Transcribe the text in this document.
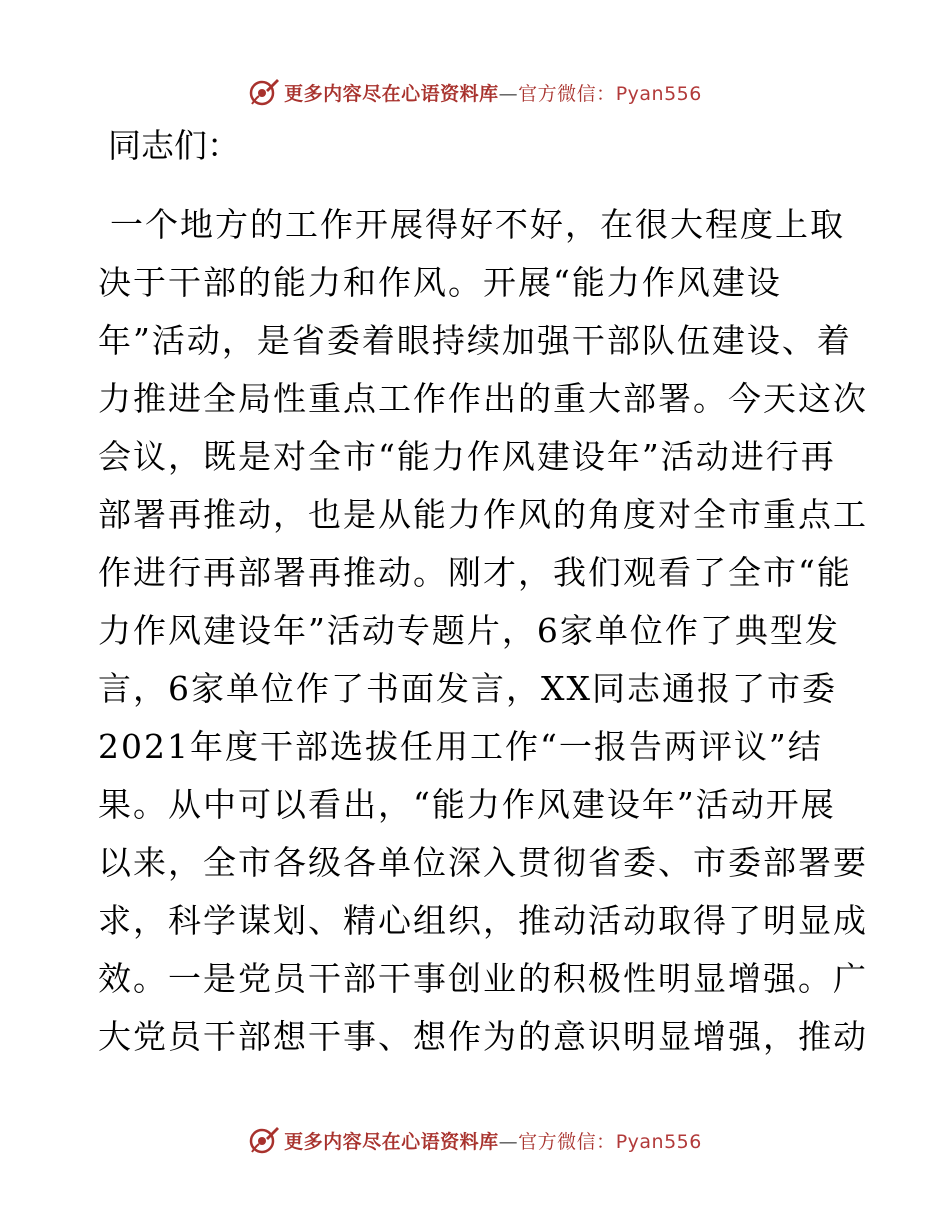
更多内容尽在心语资料库—官方微信：Pyan556
同志们：
一个地方的工作开展得好不好，在很大程度上取
决于干部的能力和作风。开展“能力作风建设
年”活动，是省委着眼持续加强干部队伍建设、着
力推进全局性重点工作作出的重大部署。今天这次
会议，既是对全市“能力作风建设年”活动进行再
部署再推动，也是从能力作风的角度对全市重点工
作进行再部署再推动。刚才，我们观看了全市“能
力作风建设年”活动专题片，6家单位作了典型发
言，6家单位作了书面发言，XX同志通报了市委
2021年度干部选拔任用工作“一报告两评议”结
果。从中可以看出，“能力作风建设年”活动开展
以来，全市各级各单位深入贯彻省委、市委部署要
求，科学谋划、精心组织，推动活动取得了明显成
效。一是党员干部干事创业的积极性明显增强。广
大党员干部想干事、想作为的意识明显增强，推动
更多内容尽在心语资料库—官方微信：Pyan556
